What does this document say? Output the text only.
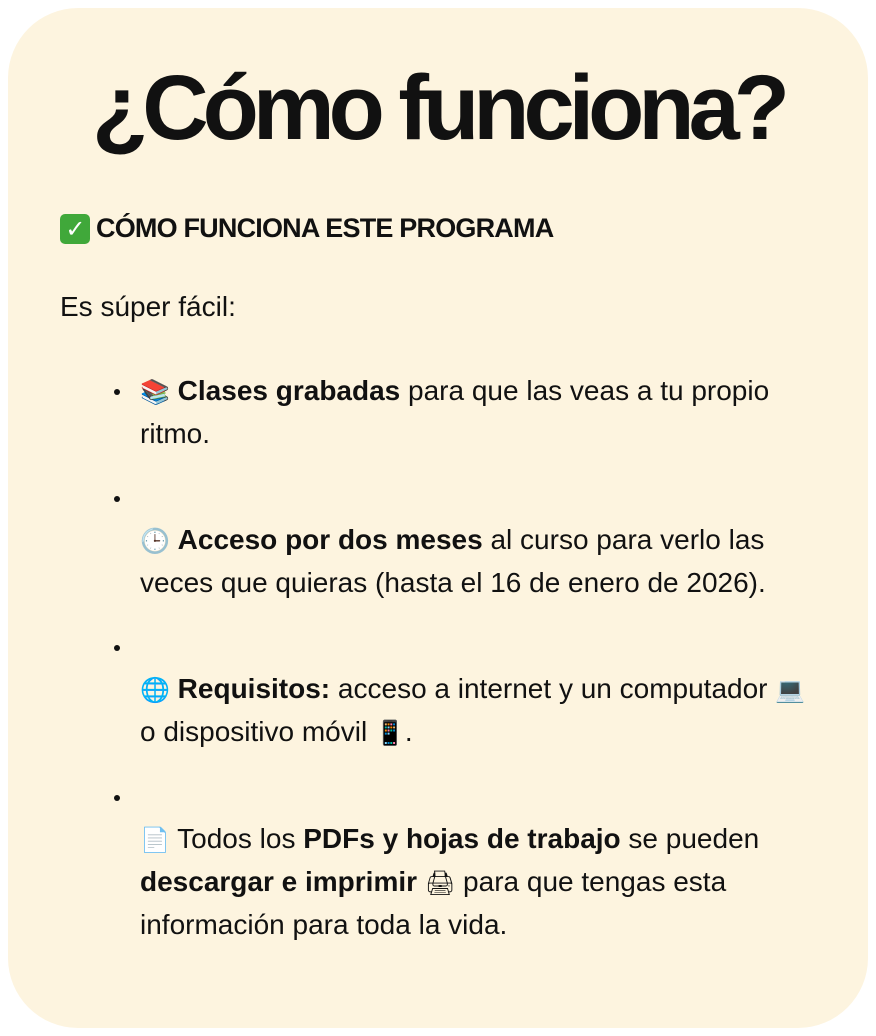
¿Cómo funciona?
✓ CÓMO FUNCIONA ESTE PROGRAMA

Es súper fácil:

📚 Clases grabadas para que las veas a tu propio ritmo.
🕒 Acceso por dos meses al curso para verlo las veces que quieras (hasta el 16 de enero de 2026).
🌐 Requisitos: acceso a internet y un computador 💻 o dispositivo móvil 📱.
📄 Todos los PDFs y hojas de trabajo se pueden descargar e imprimir 🖨 para que tengas esta información para toda la vida.
